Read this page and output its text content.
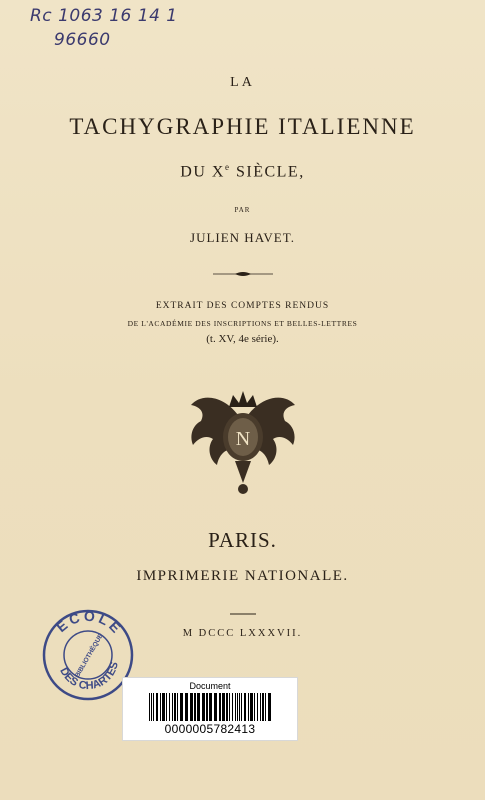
Rc 1063 16 14 1
96660
LA
TACHYGRAPHIE ITALIENNE
DU Xe SIÈCLE,
PAR
JULIEN HAVET.
EXTRAIT DES COMPTES RENDUS
DE L'ACADÉMIE DES INSCRIPTIONS ET BELLES-LETTRES
(t. XV, 4e série).
N
PARIS.
IMPRIMERIE NATIONALE.
M DCCC LXXXVII.
ECOLE
BIBLIOTHÈQUE
DES CHARTES
Document
0000005782413
